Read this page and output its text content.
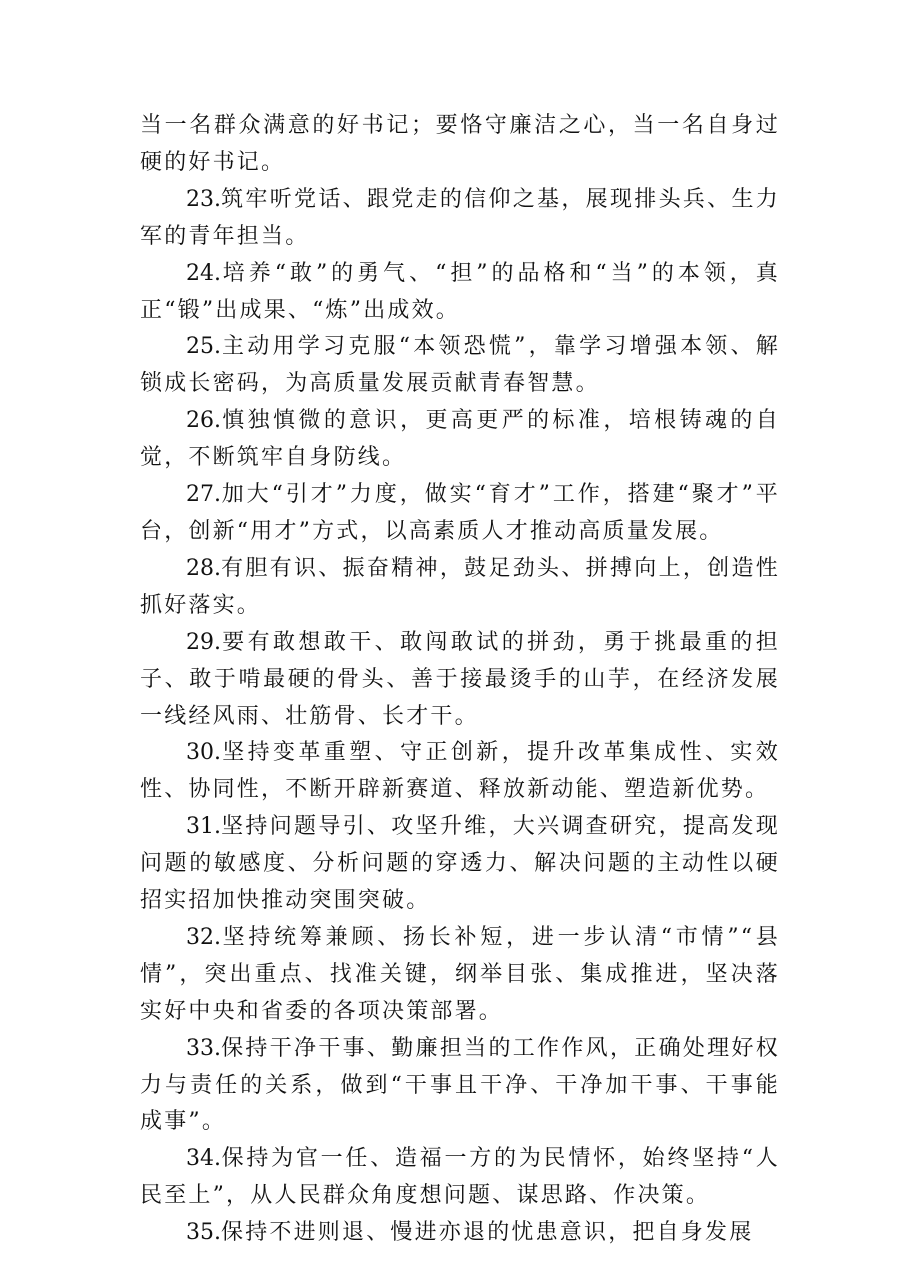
当一名群众满意的好书记；要恪守廉洁之心，当一名自身过硬的好书记。

23.筑牢听党话、跟党走的信仰之基，展现排头兵、生力军的青年担当。

24.培养“敢”的勇气、“担”的品格和“当”的本领，真正“锻”出成果、“炼”出成效。

25.主动用学习克服“本领恐慌”，靠学习增强本领、解锁成长密码，为高质量发展贡献青春智慧。

26.慎独慎微的意识，更高更严的标准，培根铸魂的自觉，不断筑牢自身防线。

27.加大“引才”力度，做实“育才”工作，搭建“聚才”平台，创新“用才”方式，以高素质人才推动高质量发展。

28.有胆有识、振奋精神，鼓足劲头、拼搏向上，创造性抓好落实。

29.要有敢想敢干、敢闯敢试的拼劲，勇于挑最重的担子、敢于啃最硬的骨头、善于接最烫手的山芋，在经济发展一线经风雨、壮筋骨、长才干。

30.坚持变革重塑、守正创新，提升改革集成性、实效性、协同性，不断开辟新赛道、释放新动能、塑造新优势。

31.坚持问题导引、攻坚升维，大兴调查研究，提高发现问题的敏感度、分析问题的穿透力、解决问题的主动性以硬招实招加快推动突围突破。

32.坚持统筹兼顾、扬长补短，进一步认清“市情”“县情”，突出重点、找准关键，纲举目张、集成推进，坚决落实好中央和省委的各项决策部署。

33.保持干净干事、勤廉担当的工作作风，正确处理好权力与责任的关系，做到“干事且干净、干净加干事、干事能成事”。

34.保持为官一任、造福一方的为民情怀，始终坚持“人民至上”，从人民群众角度想问题、谋思路、作决策。

35.保持不进则退、慢进亦退的忧患意识，把自身发展
